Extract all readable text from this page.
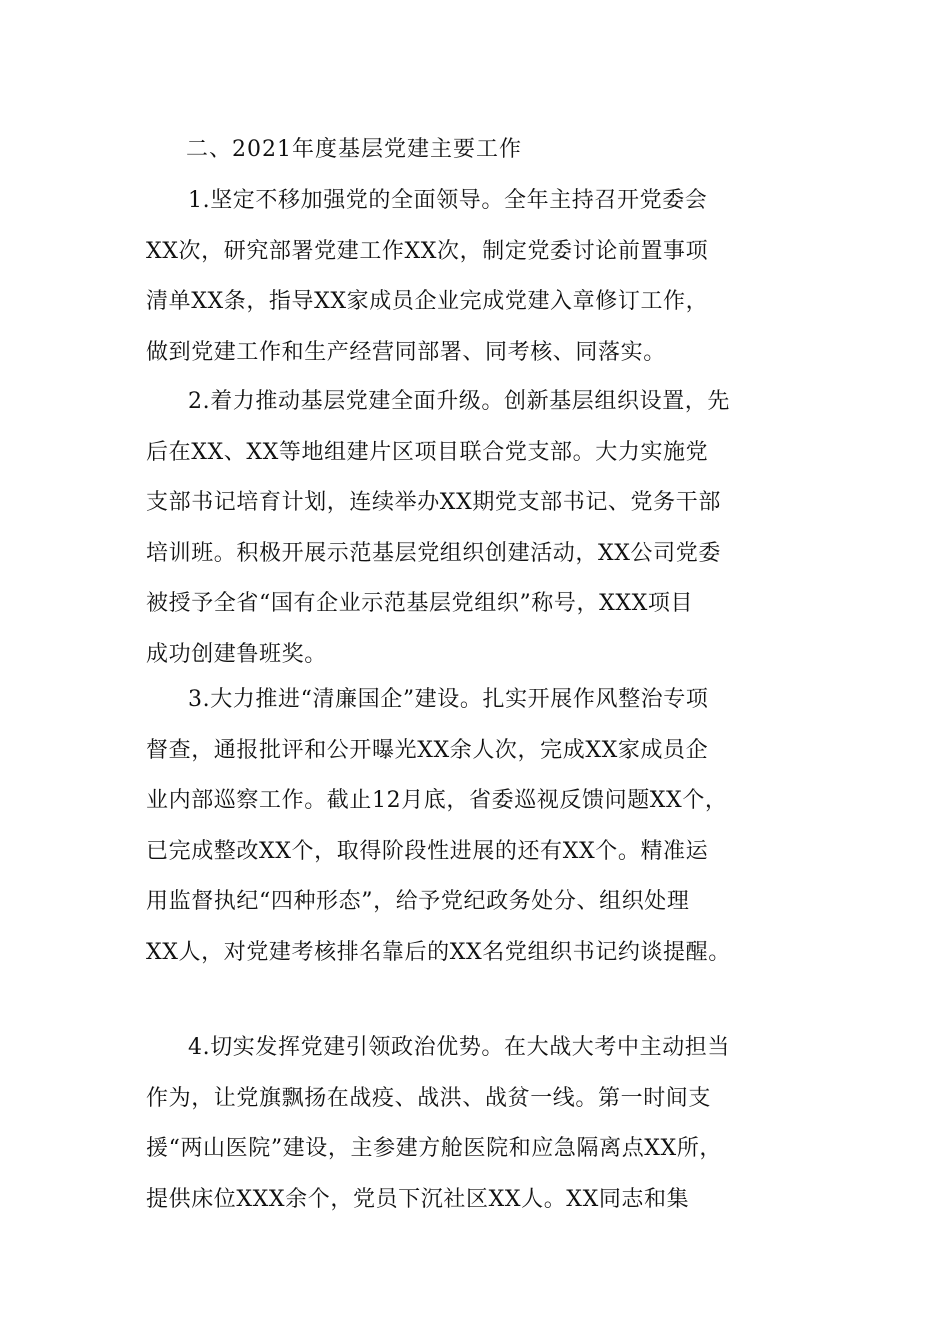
二、2021年度基层党建主要工作
1.坚定不移加强党的全面领导。全年主持召开党委会
XX次，研究部署党建工作XX次，制定党委讨论前置事项
清单XX条，指导XX家成员企业完成党建入章修订工作，
做到党建工作和生产经营同部署、同考核、同落实。
2.着力推动基层党建全面升级。创新基层组织设置，先
后在XX、XX等地组建片区项目联合党支部。大力实施党
支部书记培育计划，连续举办XX期党支部书记、党务干部
培训班。积极开展示范基层党组织创建活动，XX公司党委
被授予全省“国有企业示范基层党组织”称号，XXX项目
成功创建鲁班奖。
3.大力推进“清廉国企”建设。扎实开展作风整治专项
督查，通报批评和公开曝光XX余人次，完成XX家成员企
业内部巡察工作。截止12月底，省委巡视反馈问题XX个，
已完成整改XX个，取得阶段性进展的还有XX个。精准运
用监督执纪“四种形态”，给予党纪政务处分、组织处理
XX人，对党建考核排名靠后的XX名党组织书记约谈提醒。
4.切实发挥党建引领政治优势。在大战大考中主动担当
作为，让党旗飘扬在战疫、战洪、战贫一线。第一时间支
援“两山医院”建设，主参建方舱医院和应急隔离点XX所，
提供床位XXX余个，党员下沉社区XX人。XX同志和集
